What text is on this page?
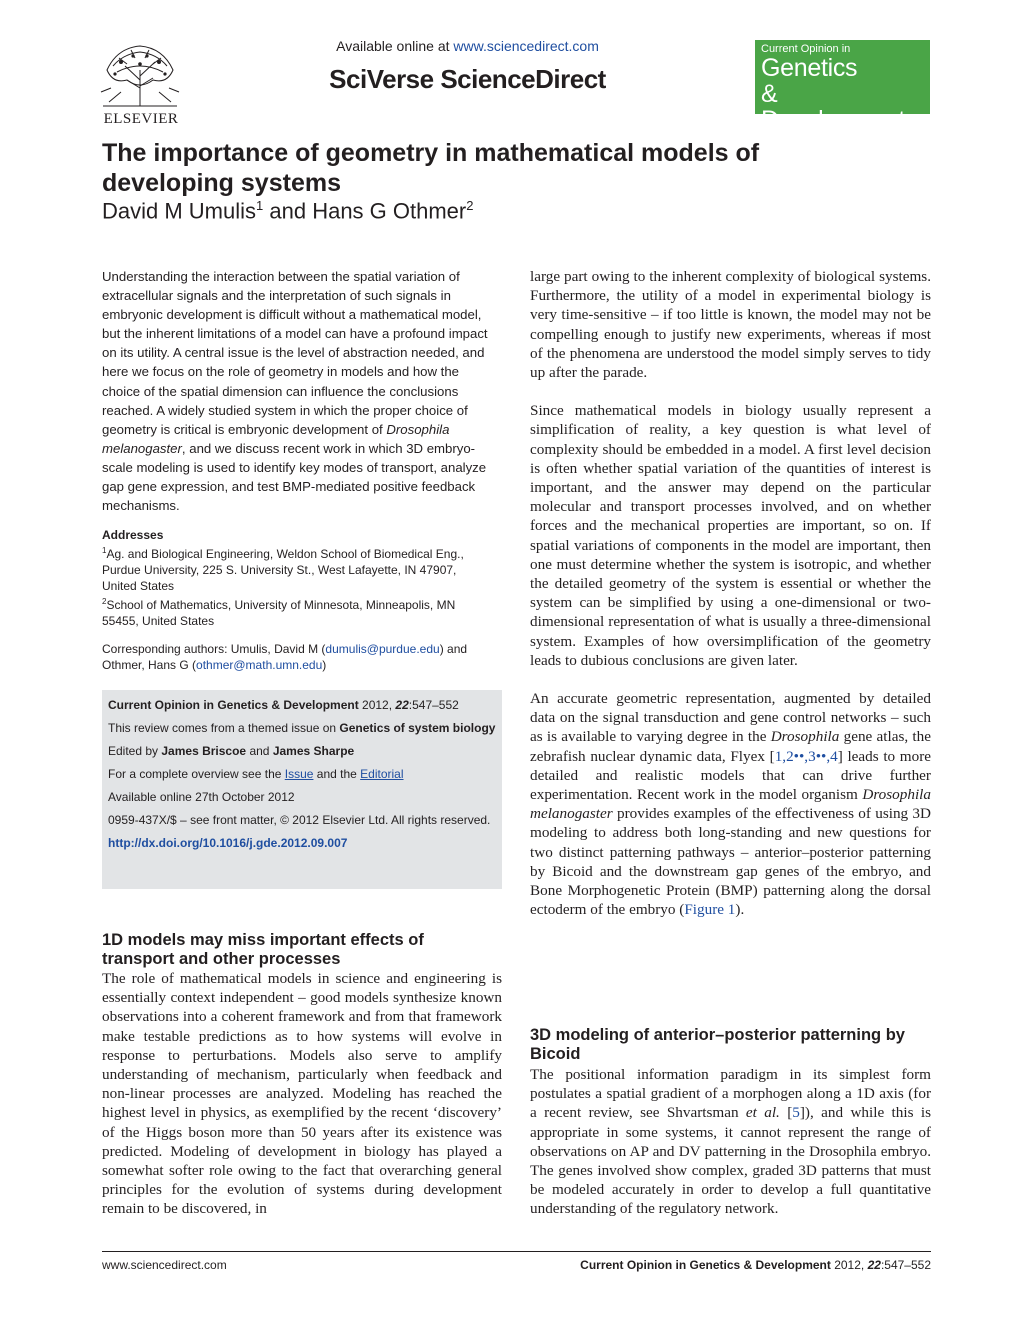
ELSEVIER
Available online at www.sciencedirect.com
SciVerse ScienceDirect
Current Opinion in
Genetics
& Development
The importance of geometry in mathematical models of developing systems
David M Umulis$^1$ and Hans G Othmer$^2$

Understanding the interaction between the spatial variation of extracellular signals and the interpretation of such signals in embryonic development is difficult without a mathematical model, but the inherent limitations of a model can have a profound impact on its utility. A central issue is the level of abstraction needed, and here we focus on the role of geometry in models and how the choice of the spatial dimension can influence the conclusions reached. A widely studied system in which the proper choice of geometry is critical is embryonic development of Drosophila melanogaster, and we discuss recent work in which 3D embryo-scale modeling is used to identify key modes of transport, analyze gap gene expression, and test BMP-mediated positive feedback mechanisms.

Addresses
$^1$Ag. and Biological Engineering, Weldon School of Biomedical Eng., Purdue University, 225 S. University St., West Lafayette, IN 47907, United States
$^2$School of Mathematics, University of Minnesota, Minneapolis, MN 55455, United States
Corresponding authors: Umulis, David M (dumulis@purdue.edu) and Othmer, Hans G (othmer@math.umn.edu)
Current Opinion in Genetics & Development 2012, 22:547–552
This review comes from a themed issue on Genetics of system biology
Edited by James Briscoe and James Sharpe
For a complete overview see the Issue and the Editorial
Available online 27th October 2012
0959-437X/$ – see front matter, © 2012 Elsevier Ltd. All rights reserved.
http://dx.doi.org/10.1016/j.gde.2012.09.007
1D models may miss important effects of transport and other processes

The role of mathematical models in science and engineering is essentially context independent – good models synthesize known observations into a coherent framework and from that framework make testable predictions as to how systems will evolve in response to perturbations. Models also serve to amplify understanding of mechanism, particularly when feedback and non-linear processes are analyzed. Modeling has reached the highest level in physics, as exemplified by the recent ‘discovery’ of the Higgs boson more than 50 years after its existence was predicted. Modeling of development in biology has played a somewhat softer role owing to the fact that overarching general principles for the evolution of systems during development remain to be discovered, in

large part owing to the inherent complexity of biological systems. Furthermore, the utility of a model in experimental biology is very time-sensitive – if too little is known, the model may not be compelling enough to justify new experiments, whereas if most of the phenomena are understood the model simply serves to tidy up after the parade.

Since mathematical models in biology usually represent a simplification of reality, a key question is what level of complexity should be embedded in a model. A first level decision is often whether spatial variation of the quantities of interest is important, and the answer may depend on the particular molecular and transport processes involved, and on whether forces and the mechanical properties are important, so on. If spatial variations of components in the model are important, then one must determine whether the system is isotropic, and whether the detailed geometry of the system is essential or whether the system can be simplified by using a one-dimensional or two-dimensional representation of what is usually a three-dimensional system. Examples of how oversimplification of the geometry leads to dubious conclusions are given later.

An accurate geometric representation, augmented by detailed data on the signal transduction and gene control networks – such as is available to varying degree in the Drosophila gene atlas, the zebrafish nuclear dynamic data, Flyex [1,2••,3••,4] leads to more detailed and realistic models that can drive further experimentation. Recent work in the model organism Drosophila melanogaster provides examples of the effectiveness of using 3D modeling to address both long-standing and new questions for two distinct patterning pathways – anterior–posterior patterning by Bicoid and the downstream gap genes of the embryo, and Bone Morphogenetic Protein (BMP) patterning along the dorsal ectoderm of the embryo (Figure 1).

3D modeling of anterior–posterior patterning by Bicoid

The positional information paradigm in its simplest form postulates a spatial gradient of a morphogen along a 1D axis (for a recent review, see Shvartsman et al. [5]), and while this is appropriate in some systems, it cannot represent the range of observations on AP and DV patterning in the Drosophila embryo. The genes involved show complex, graded 3D patterns that must be modeled accurately in order to develop a full quantitative understanding of the regulatory network.

www.sciencedirect.com	Current Opinion in Genetics & Development 2012, 22:547–552
